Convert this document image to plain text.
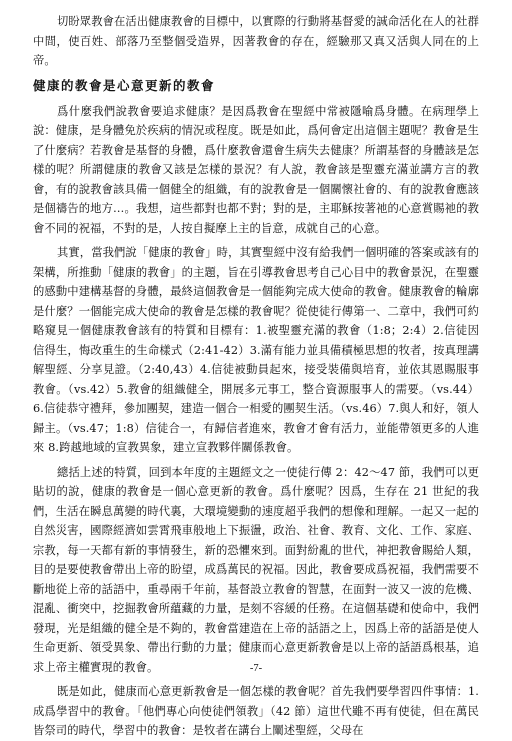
切盼眾教會在活出健康教會的目標中，以實際的行動將基督愛的誠命活化在人的社群中間，使百姓、部落乃至整個受造界，因著教會的存在，經驗那又真又活與人同在的上帝。

健康的教會是心意更新的教會

爲什麼我們說教會要追求健康？是因爲教會在聖經中常被隱喻爲身體。在病理學上說：健康，是身體免於疾病的情況或程度。既是如此，爲何會定出這個主題呢？教會是生了什麼病？若教會是基督的身體，爲什麼教會還會生病失去健康？所謂基督的身體該是怎樣的呢？所謂健康的教會又該是怎樣的景況？有人說，教會該是聖靈充滿並講方言的教會，有的說教會該具備一個健全的組織，有的說教會是一個關懷社會的、有的說教會應該是個禱告的地方…。我想，這些都對也都不對；對的是，主耶穌按著祂的心意賞賜祂的教會不同的祝福，不對的是，人按自擬摩上主的旨意，成就自己的心意。

其實，當我們說「健康的教會」時，其實聖經中沒有給我們一個明確的答案或該有的架構，所推動「健康的教會」的主題，旨在引導教會思考自己心目中的教會景況，在聖靈的感動中建構基督的身體，最終這個教會是一個能夠完成大使命的教會。健康教會的輪廓是什麼？一個能完成大使命的教會是怎樣的教會呢？從使徒行傳第一、二章中，我們可約略窺見一個健康教會該有的特質和目標有：1.被聖靈充滿的教會（1:8；2:4）2.信徒因信得生，悔改重生的生命樣式（2:41-42）3.滿有能力並具備積極思想的牧者，按真理講解聖經、分享見證。（2:40,43）4.信徒被動員起來，接受裝備與培育，並依其恩賜服事教會。（vs.42）5.教會的組織健全，開展多元事工，整合資源服事人的需要。（vs.44）6.信徒恭守禮拜，參加團契，建造一個合一相愛的團契生活。（vs.46）7.與人和好，領人歸主。（vs.47；1:8）信徒合一，有歸信者進來，教會才會有活力，並能帶領更多的人進來 8.跨越地域的宣教異象，建立宣教夥伴關係教會。

總括上述的特質，回到本年度的主題經文之一使徒行傳 2：42～47 節，我們可以更貼切的說，健康的教會是一個心意更新的教會。爲什麼呢？因爲，生存在 21 世紀的我們，生活在瞬息萬變的時代裏，大環境變動的速度超乎我們的想像和理解。一起又一起的自然災害，國際經濟如雲霄飛車般地上下振盪，政治、社會、教育、文化、工作、家庭、宗教，每一天都有新的事情發生，新的恐懼來到。面對紛亂的世代，神把教會賜給人類，目的是要使教會帶出上帝的盼望，成爲萬民的祝福。因此，教會要成爲祝福，我們需要不斷地從上帝的話語中，重尋兩千年前，基督設立教會的智慧，在面對一波又一波的危機、混亂、衝突中，挖掘教會所蘊藏的力量，是刻不容緩的任務。在這個基礎和使命中，我們發現，光是組織的健全是不夠的，教會當建造在上帝的話語之上，因爲上帝的話語是使人生命更新、領受異象、帶出行動的力量；健康而心意更新教會是以上帝的話語爲根基，追求上帝主權實現的教會。

既是如此，健康而心意更新教會是一個怎樣的教會呢？首先我們要學習四件事情：1.成爲學習中的教會。「他們專心向使徒們領教」（42 節）這世代雖不再有使徒，但在萬民皆祭司的時代，學習中的教會：是牧者在講台上闡述聖經，父母在

-7-
